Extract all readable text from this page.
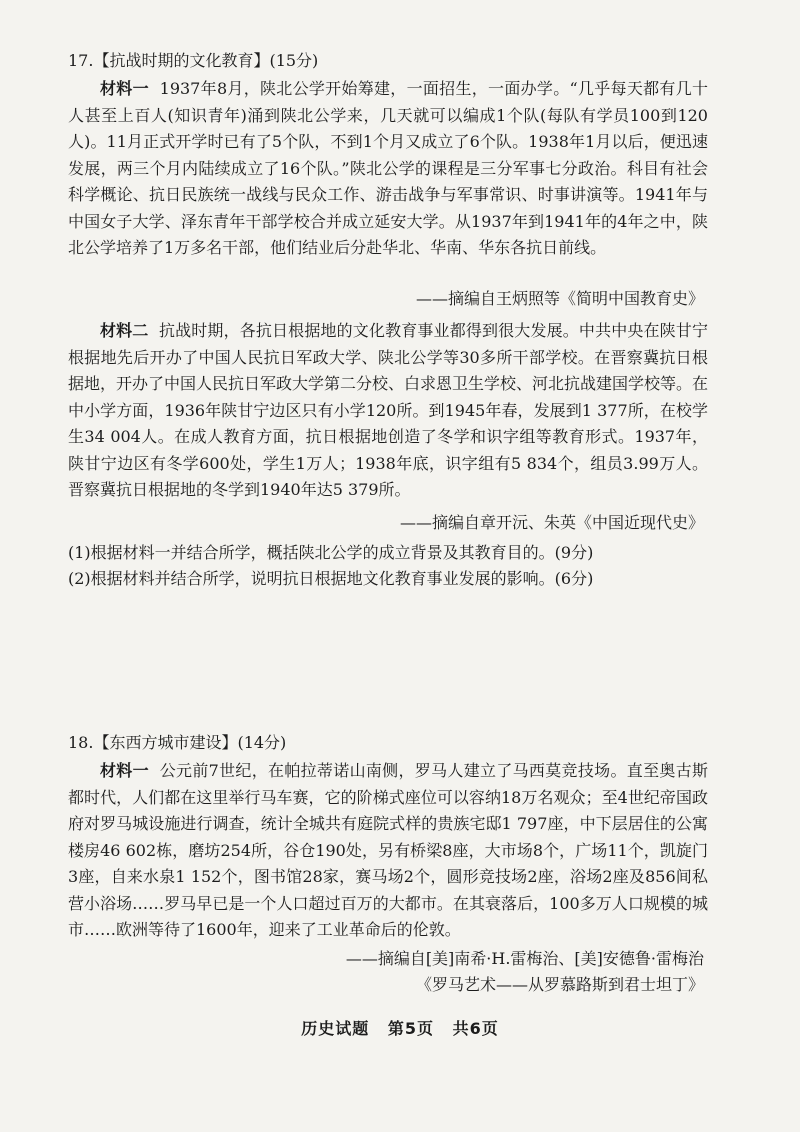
17.【抗战时期的文化教育】(15分)

材料一 1937年8月，陕北公学开始筹建，一面招生，一面办学。“几乎每天都有几十人甚至上百人(知识青年)涌到陕北公学来，几天就可以编成1个队(每队有学员100到120人)。11月正式开学时已有了5个队，不到1个月又成立了6个队。1938年1月以后，便迅速发展，两三个月内陆续成立了16个队。”陕北公学的课程是三分军事七分政治。科目有社会科学概论、抗日民族统一战线与民众工作、游击战争与军事常识、时事讲演等。1941年与中国女子大学、泽东青年干部学校合并成立延安大学。从1937年到1941年的4年之中，陕北公学培养了1万多名干部，他们结业后分赴华北、华南、华东各抗日前线。

——摘编自王炳照等《简明中国教育史》

材料二 抗战时期，各抗日根据地的文化教育事业都得到很大发展。中共中央在陕甘宁根据地先后开办了中国人民抗日军政大学、陕北公学等30多所干部学校。在晋察冀抗日根据地，开办了中国人民抗日军政大学第二分校、白求恩卫生学校、河北抗战建国学校等。在中小学方面，1936年陕甘宁边区只有小学120所。到1945年春，发展到1 377所，在校学生34 004人。在成人教育方面，抗日根据地创造了冬学和识字组等教育形式。1937年，陕甘宁边区有冬学600处，学生1万人；1938年底，识字组有5 834个，组员3.99万人。晋察冀抗日根据地的冬学到1940年达5 379所。

——摘编自章开沅、朱英《中国近现代史》
(1)根据材料一并结合所学，概括陕北公学的成立背景及其教育目的。(9分)
(2)根据材料并结合所学，说明抗日根据地文化教育事业发展的影响。(6分)
18.【东西方城市建设】(14分)

材料一 公元前7世纪，在帕拉蒂诺山南侧，罗马人建立了马西莫竞技场。直至奥古斯都时代，人们都在这里举行马车赛，它的阶梯式座位可以容纳18万名观众；至4世纪帝国政府对罗马城设施进行调查，统计全城共有庭院式样的贵族宅邸1 797座，中下层居住的公寓楼房46 602栋，磨坊254所，谷仓190处，另有桥梁8座，大市场8个，广场11个，凯旋门3座，自来水泉1 152个，图书馆28家，赛马场2个，圆形竞技场2座，浴场2座及856间私营小浴场……罗马早已是一个人口超过百万的大都市。在其衰落后，100多万人口规模的城市……欧洲等待了1600年，迎来了工业革命后的伦敦。

——摘编自[美]南希·H.雷梅治、[美]安德鲁·雷梅治
《罗马艺术——从罗慕路斯到君士坦丁》
历史试题 第5页 共6页
